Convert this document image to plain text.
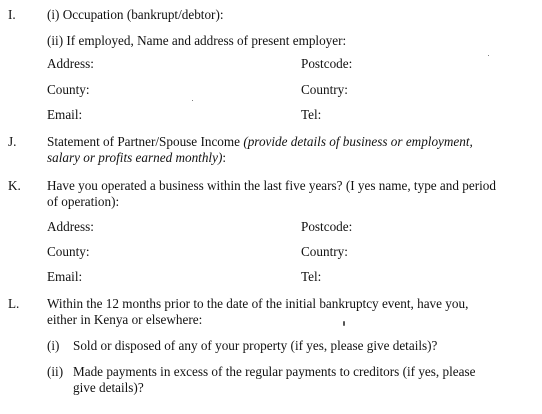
I. (i) Occupation (bankrupt/debtor):
(ii) If employed, Name and address of present employer:
Address:	Postcode:
County:	Country:
Email:	Tel:
J. Statement of Partner/Spouse Income (provide details of business or employment,
salary or profits earned monthly):
K. Have you operated a business within the last five years? (I yes name, type and period
of operation):
Address:	Postcode:
County:	Country:
Email:	Tel:
L. Within the 12 months prior to the date of the initial bankruptcy event, have you,
either in Kenya or elsewhere:
(i) Sold or disposed of any of your property (if yes, please give details)?
(ii) Made payments in excess of the regular payments to creditors (if yes, please
give details)?
